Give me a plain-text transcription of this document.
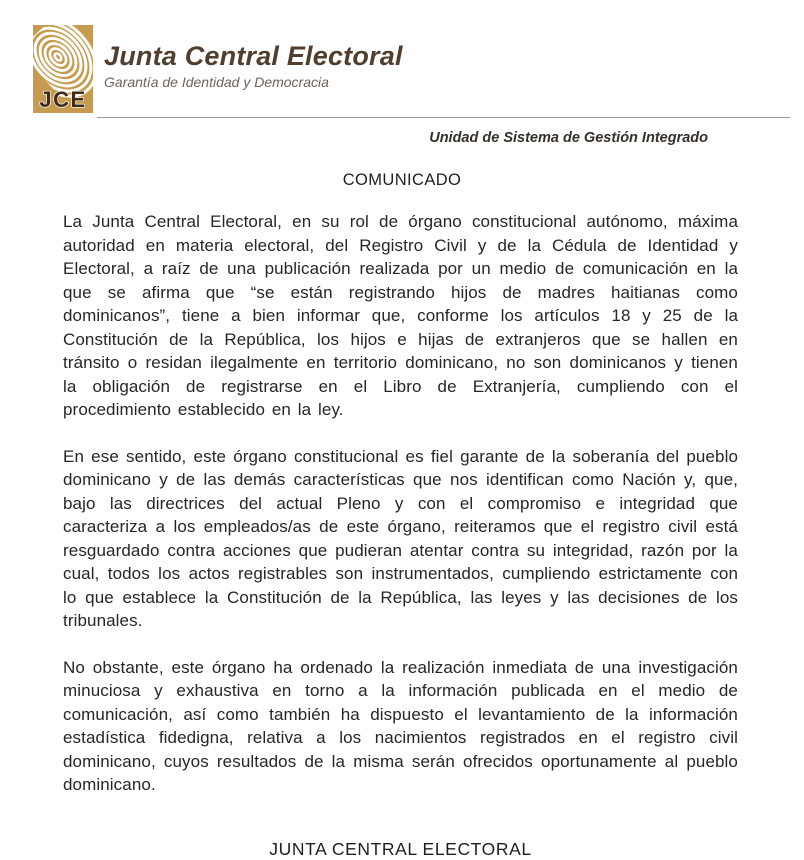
JCE
Junta Central Electoral
Garantía de Identidad y Democracia
Unidad de Sistema de Gestión Integrado
COMUNICADO

La Junta Central Electoral, en su rol de órgano constitucional autónomo, máxima autoridad en materia electoral, del Registro Civil y de la Cédula de Identidad y Electoral, a raíz de una publicación realizada por un medio de comunicación en la que se afirma que “se están registrando hijos de madres haitianas como dominicanos”, tiene a bien informar que, conforme los artículos 18 y 25 de la Constitución de la República, los hijos e hijas de extranjeros que se hallen en tránsito o residan ilegalmente en territorio dominicano, no son dominicanos y tienen la obligación de registrarse en el Libro de Extranjería, cumpliendo con el procedimiento establecido en la ley.

En ese sentido, este órgano constitucional es fiel garante de la soberanía del pueblo dominicano y de las demás características que nos identifican como Nación y, que, bajo las directrices del actual Pleno y con el compromiso e integridad que caracteriza a los empleados/as de este órgano, reiteramos que el registro civil está resguardado contra acciones que pudieran atentar contra su integridad, razón por la cual, todos los actos registrables son instrumentados, cumpliendo estrictamente con lo que establece la Constitución de la República, las leyes y las decisiones de los tribunales.

No obstante, este órgano ha ordenado la realización inmediata de una investigación minuciosa y exhaustiva en torno a la información publicada en el medio de comunicación, así como también ha dispuesto el levantamiento de la información estadística fidedigna, relativa a los nacimientos registrados en el registro civil dominicano, cuyos resultados de la misma serán ofrecidos oportunamente al pueblo dominicano.

JUNTA CENTRAL ELECTORAL
